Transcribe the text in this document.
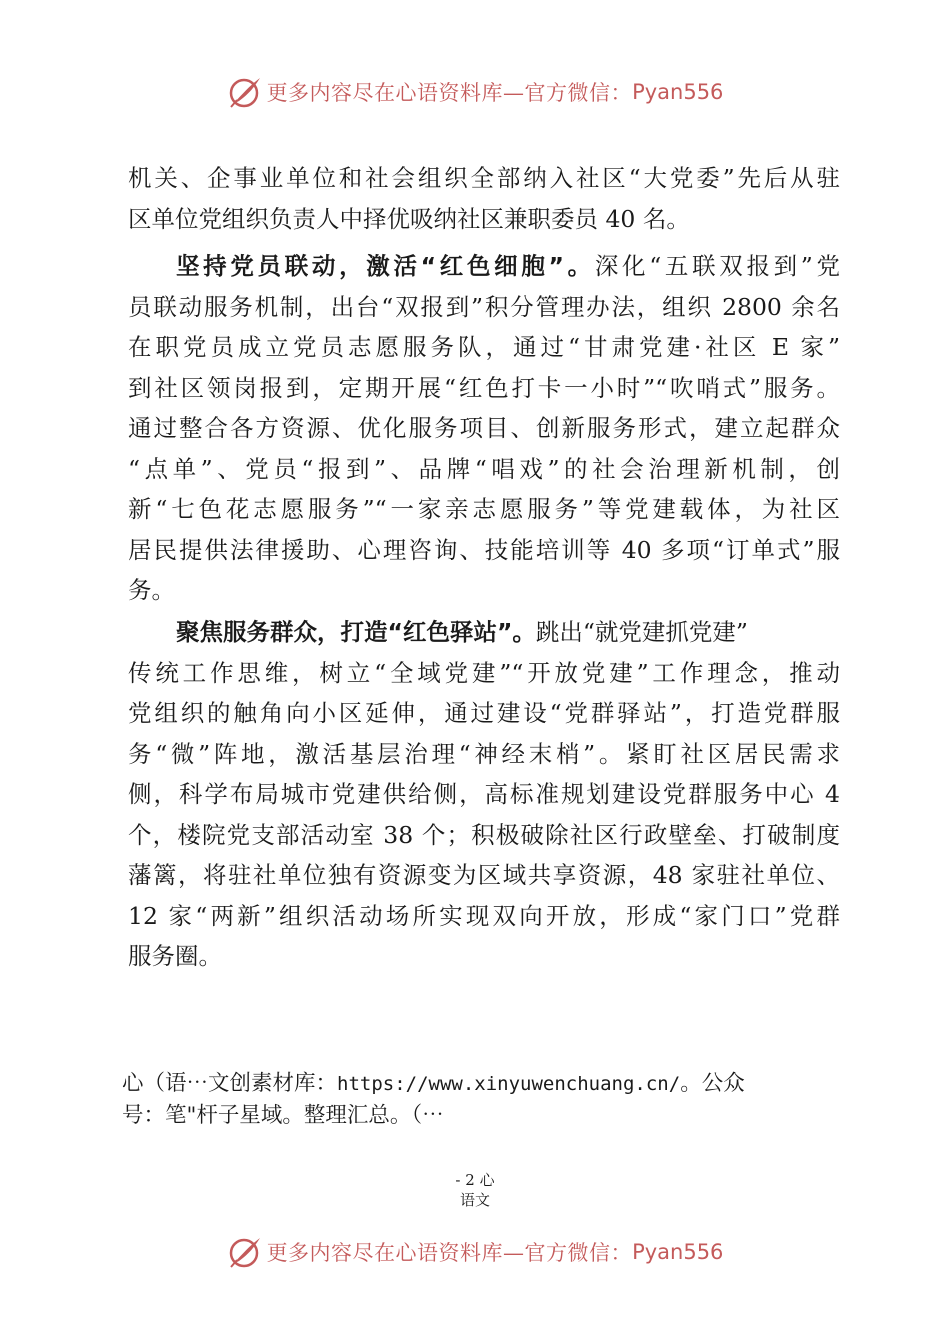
更多内容尽在心语资料库—官方微信： Pyan556
机关、企事业单位和社会组织全部纳入社区“大党委”先后从驻
区单位党组织负责人中择优吸纳社区兼职委员 40 名。
坚持党员联动，激活“红色细胞”。深化“五联双报到”党
员联动服务机制，出台“双报到”积分管理办法，组织 2800 余名
在职党员成立党员志愿服务队，通过“甘肃党建·社区 E 家”
到社区领岗报到，定期开展“红色打卡一小时”“吹哨式”服务。
通过整合各方资源、优化服务项目、创新服务形式，建立起群众
“点单”、党员“报到”、品牌“唱戏”的社会治理新机制，创
新“七色花志愿服务”“一家亲志愿服务”等党建载体，为社区
居民提供法律援助、心理咨询、技能培训等 40 多项“订单式”服
务。
聚焦服务群众，打造“红色驿站”。跳出“就党建抓党建”
传统工作思维，树立“全域党建”“开放党建”工作理念，推动
党组织的触角向小区延伸，通过建设“党群驿站”，打造党群服
务“微”阵地，激活基层治理“神经末梢”。紧盯社区居民需求
侧，科学布局城市党建供给侧，高标准规划建设党群服务中心 4
个，楼院党支部活动室 38 个；积极破除社区行政壁垒、打破制度
藩篱，将驻社单位独有资源变为区域共享资源，48 家驻社单位、
12 家“两新”组织活动场所实现双向开放，形成“家门口”党群
服务圈。
心（语⋯文创素材库：https://www.xinyuwenchuang.cn/。公众
号：笔"杆子星域。整理汇总。（⋯
- 2 心
语文
更多内容尽在心语资料库—官方微信： Pyan556
